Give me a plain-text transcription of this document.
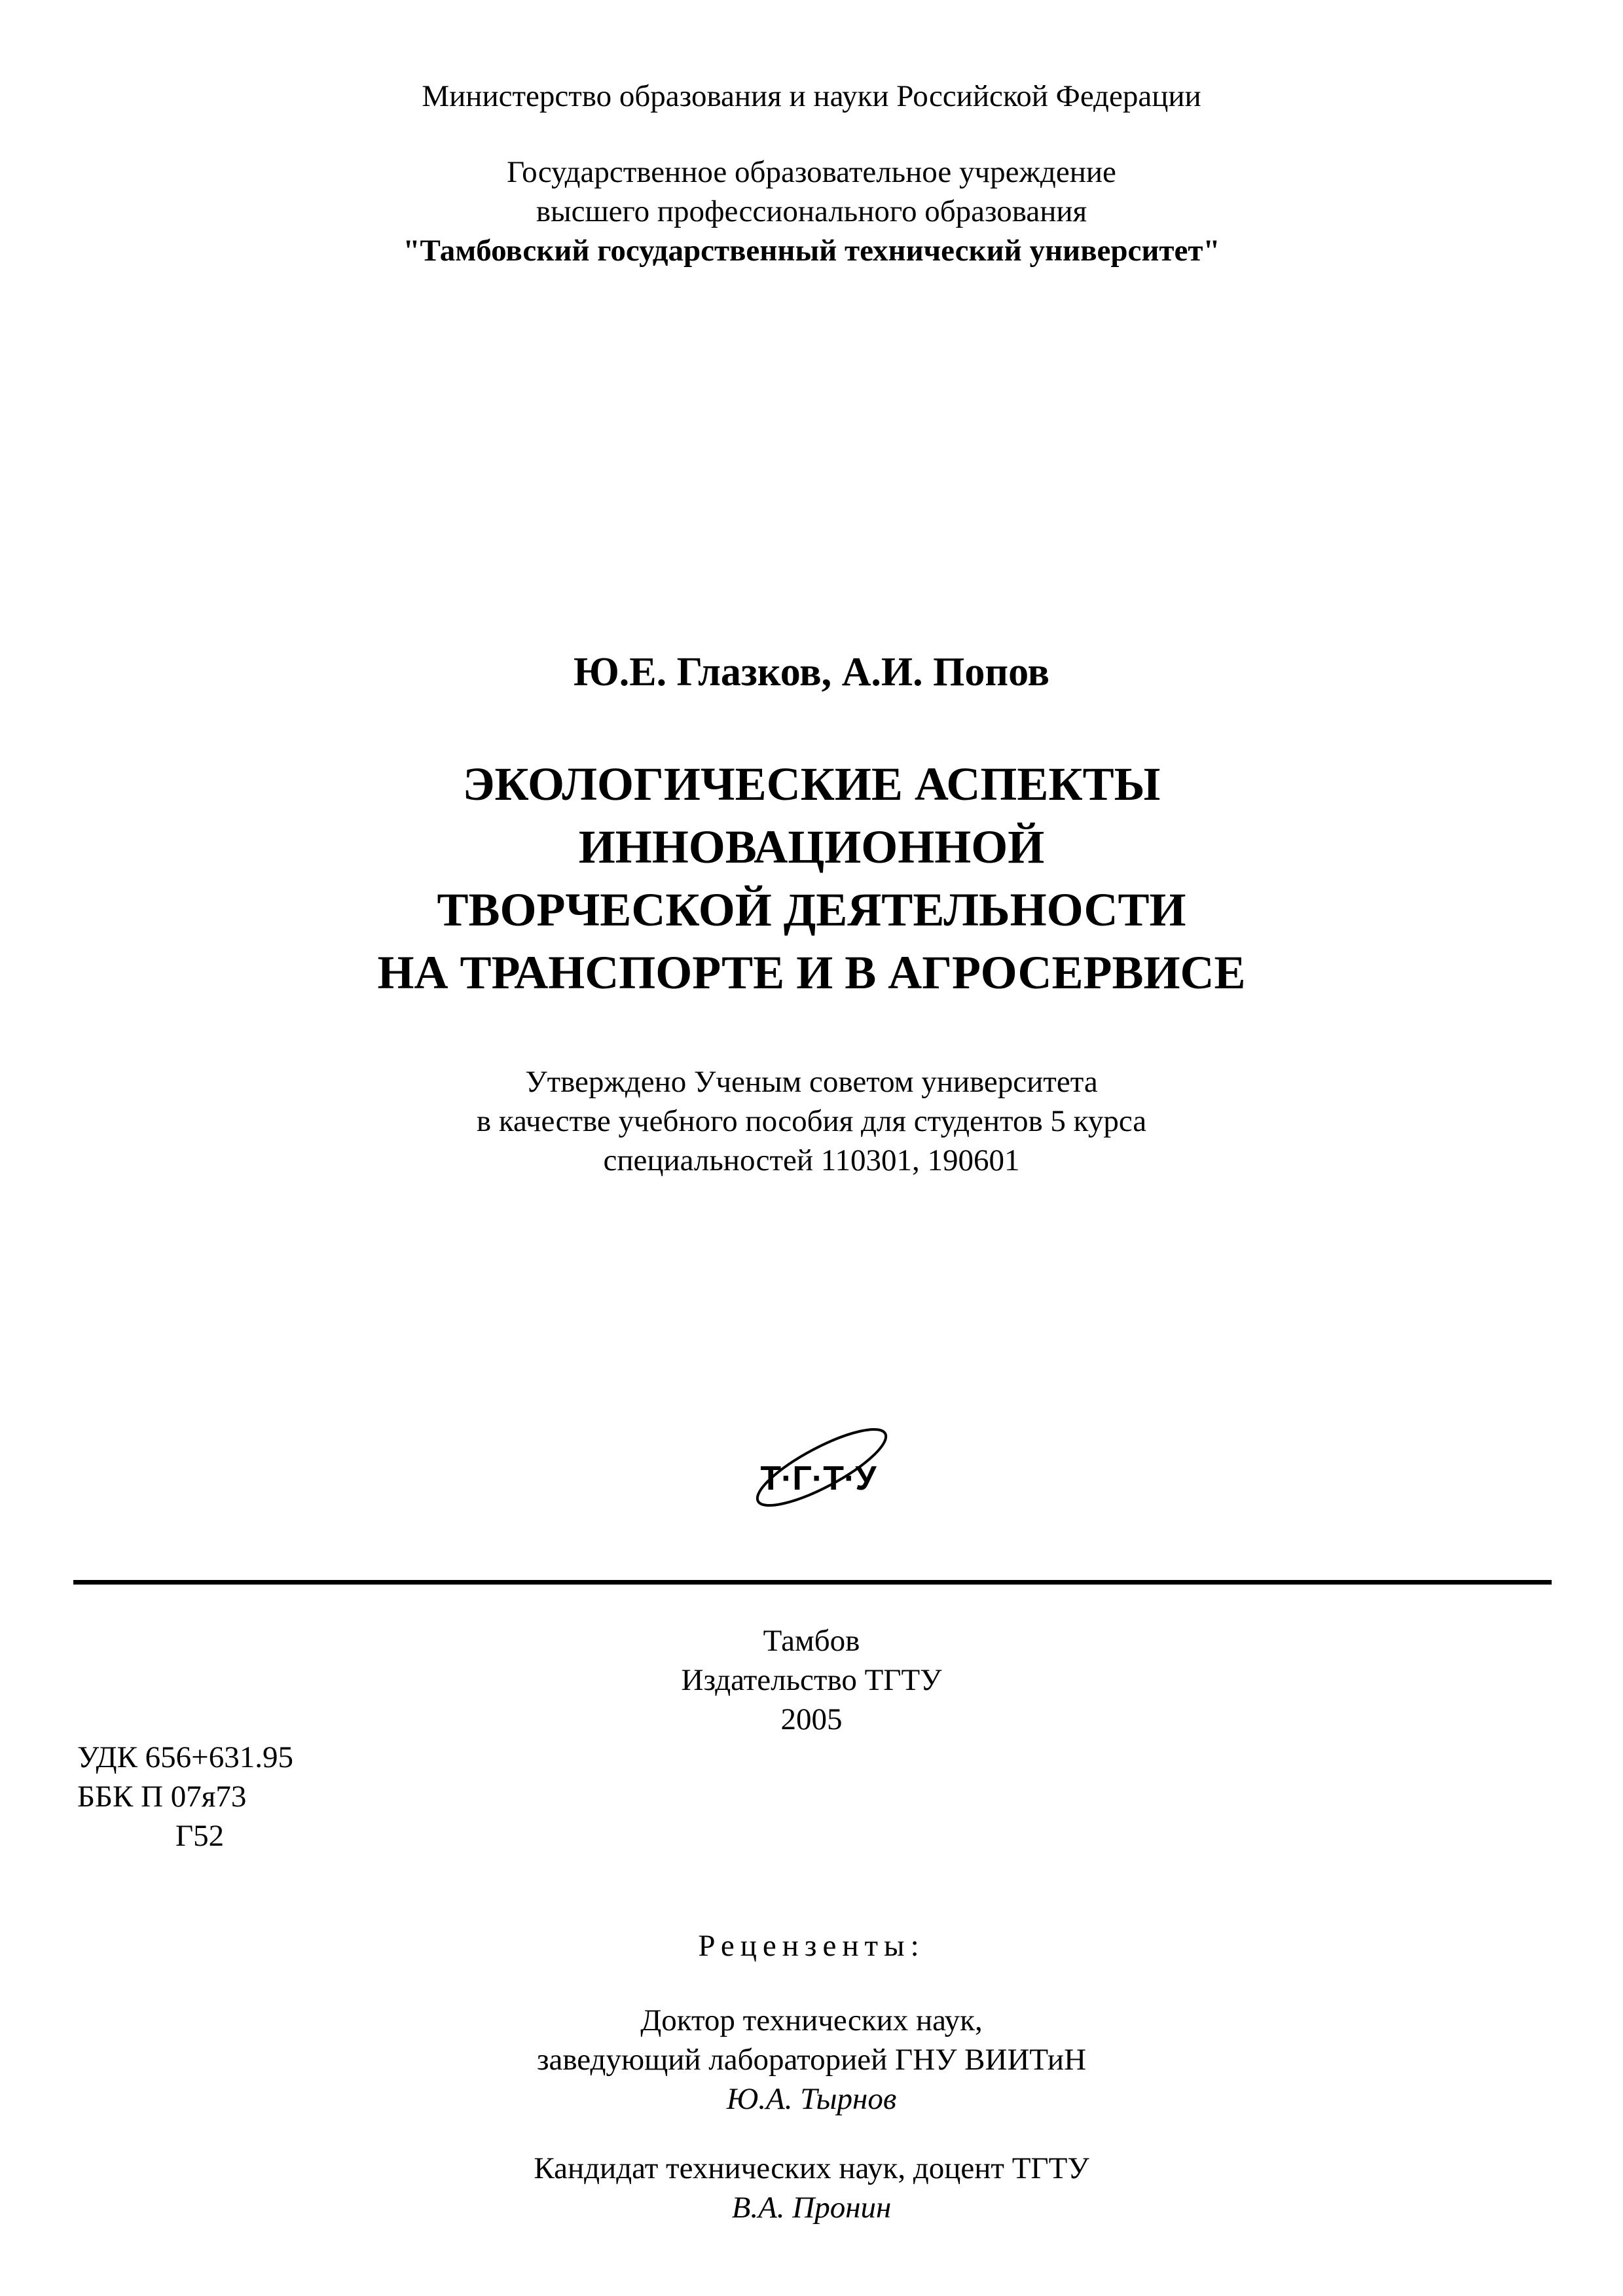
Министерство образования и науки Российской Федерации
Государственное образовательное учреждение
высшего профессионального образования
"Тамбовский государственный технический университет"
Ю.Е. Глазков, А.И. Попов
ЭКОЛОГИЧЕСКИЕ АСПЕКТЫ
ИННОВАЦИОННОЙ
ТВОРЧЕСКОЙ ДЕЯТЕЛЬНОСТИ
НА ТРАНСПОРТЕ И В АГРОСЕРВИСЕ
Утверждено Ученым советом университета
в качестве учебного пособия для студентов 5 курса
специальностей 110301, 190601
Т·Г·Т·У
Тамбов
Издательство ТГТУ
2005
УДК 656+631.95
ББК П 07я73
Г52
Рецензенты:
Доктор технических наук,
заведующий лабораторией ГНУ ВИИТиН
Ю.А. Тырнов
Кандидат технических наук, доцент ТГТУ
В.А. Пронин
